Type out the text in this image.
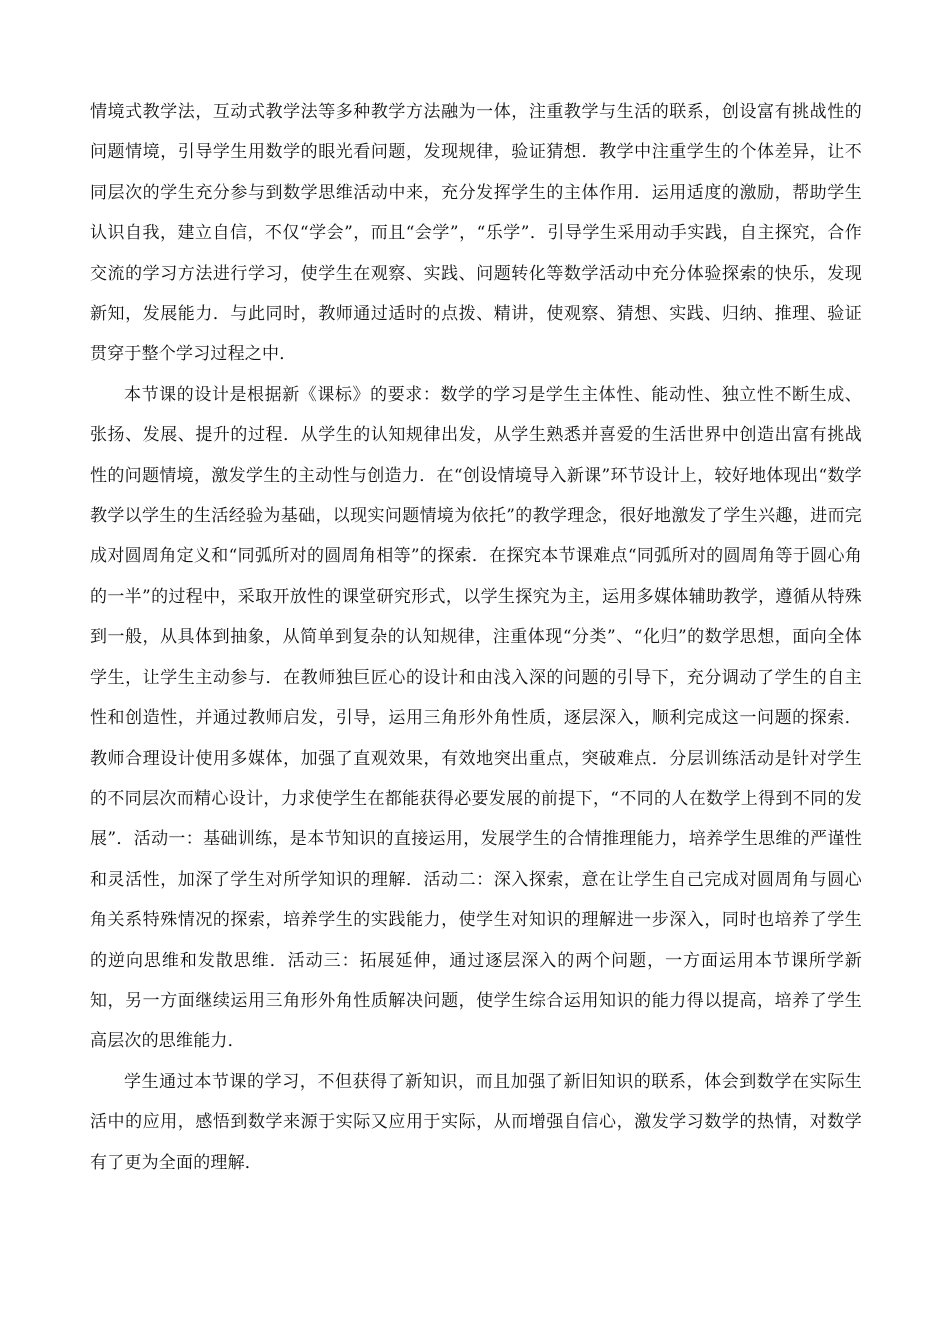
情境式教学法，互动式教学法等多种教学方法融为一体，注重教学与生活的联系，创设富有挑战性的问题情境，引导学生用数学的眼光看问题，发现规律，验证猜想．教学中注重学生的个体差异，让不同层次的学生充分参与到数学思维活动中来，充分发挥学生的主体作用．运用适度的激励，帮助学生认识自我，建立自信，不仅“学会”，而且“会学”，“乐学”．引导学生采用动手实践，自主探究，合作交流的学习方法进行学习，使学生在观察、实践、问题转化等数学活动中充分体验探索的快乐，发现新知，发展能力．与此同时，教师通过适时的点拨、精讲，使观察、猜想、实践、归纳、推理、验证贯穿于整个学习过程之中．

本节课的设计是根据新《课标》的要求：数学的学习是学生主体性、能动性、独立性不断生成、张扬、发展、提升的过程．从学生的认知规律出发，从学生熟悉并喜爱的生活世界中创造出富有挑战性的问题情境，激发学生的主动性与创造力．在“创设情境导入新课”环节设计上，较好地体现出“数学教学以学生的生活经验为基础，以现实问题情境为依托”的教学理念，很好地激发了学生兴趣，进而完成对圆周角定义和“同弧所对的圆周角相等”的探索．在探究本节课难点“同弧所对的圆周角等于圆心角的一半”的过程中，采取开放性的课堂研究形式，以学生探究为主，运用多媒体辅助教学，遵循从特殊到一般，从具体到抽象，从简单到复杂的认知规律，注重体现“分类”、“化归”的数学思想，面向全体学生，让学生主动参与．在教师独巨匠心的设计和由浅入深的问题的引导下，充分调动了学生的自主性和创造性，并通过教师启发，引导，运用三角形外角性质，逐层深入，顺利完成这一问题的探索．教师合理设计使用多媒体，加强了直观效果，有效地突出重点，突破难点．分层训练活动是针对学生的不同层次而精心设计，力求使学生在都能获得必要发展的前提下，“不同的人在数学上得到不同的发展”．活动一：基础训练，是本节知识的直接运用，发展学生的合情推理能力，培养学生思维的严谨性和灵活性，加深了学生对所学知识的理解．活动二：深入探索，意在让学生自己完成对圆周角与圆心角关系特殊情况的探索，培养学生的实践能力，使学生对知识的理解进一步深入，同时也培养了学生的逆向思维和发散思维．活动三：拓展延伸，通过逐层深入的两个问题，一方面运用本节课所学新知，另一方面继续运用三角形外角性质解决问题，使学生综合运用知识的能力得以提高，培养了学生高层次的思维能力．

学生通过本节课的学习，不但获得了新知识，而且加强了新旧知识的联系，体会到数学在实际生活中的应用，感悟到数学来源于实际又应用于实际，从而增强自信心，激发学习数学的热情，对数学有了更为全面的理解．
